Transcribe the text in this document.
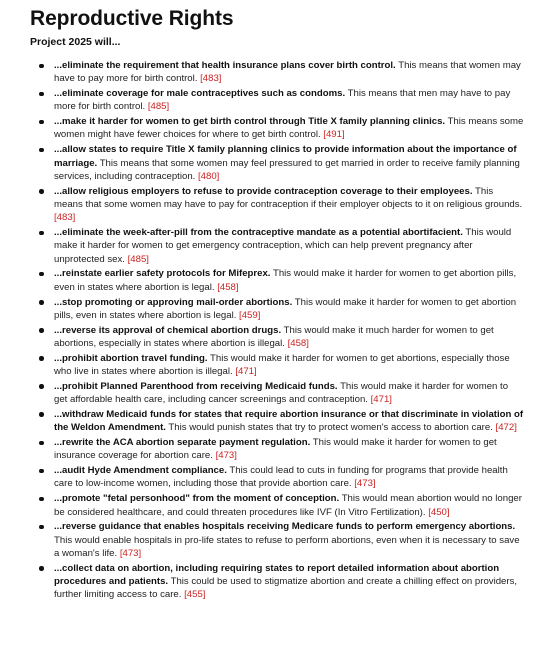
Reproductive Rights
Project 2025 will...
...eliminate the requirement that health insurance plans cover birth control. This means that women may have to pay more for birth control. [483]
...eliminate coverage for male contraceptives such as condoms. This means that men may have to pay more for birth control. [485]
...make it harder for women to get birth control through Title X family planning clinics. This means some women might have fewer choices for where to get birth control. [491]
...allow states to require Title X family planning clinics to provide information about the importance of marriage. This means that some women may feel pressured to get married in order to receive family planning services, including contraception. [480]
...allow religious employers to refuse to provide contraception coverage to their employees. This means that some women may have to pay for contraception if their employer objects to it on religious grounds. [483]
...eliminate the week-after-pill from the contraceptive mandate as a potential abortifacient. This would make it harder for women to get emergency contraception, which can help prevent pregnancy after unprotected sex. [485]
...reinstate earlier safety protocols for Mifeprex. This would make it harder for women to get abortion pills, even in states where abortion is legal. [458]
...stop promoting or approving mail-order abortions. This would make it harder for women to get abortion pills, even in states where abortion is legal. [459]
...reverse its approval of chemical abortion drugs. This would make it much harder for women to get abortions, especially in states where abortion is illegal. [458]
...prohibit abortion travel funding. This would make it harder for women to get abortions, especially those who live in states where abortion is illegal. [471]
...prohibit Planned Parenthood from receiving Medicaid funds. This would make it harder for women to get affordable health care, including cancer screenings and contraception. [471]
...withdraw Medicaid funds for states that require abortion insurance or that discriminate in violation of the Weldon Amendment. This would punish states that try to protect women's access to abortion care. [472]
...rewrite the ACA abortion separate payment regulation. This would make it harder for women to get insurance coverage for abortion care. [473]
...audit Hyde Amendment compliance. This could lead to cuts in funding for programs that provide health care to low-income women, including those that provide abortion care. [473]
...promote "fetal personhood" from the moment of conception. This would mean abortion would no longer be considered healthcare, and could threaten procedures like IVF (In Vitro Fertilization). [450]
...reverse guidance that enables hospitals receiving Medicare funds to perform emergency abortions. This would enable hospitals in pro-life states to refuse to perform abortions, even when it is necessary to save a woman's life. [473]
...collect data on abortion, including requiring states to report detailed information about abortion procedures and patients. This could be used to stigmatize abortion and create a chilling effect on providers, further limiting access to care. [455]
